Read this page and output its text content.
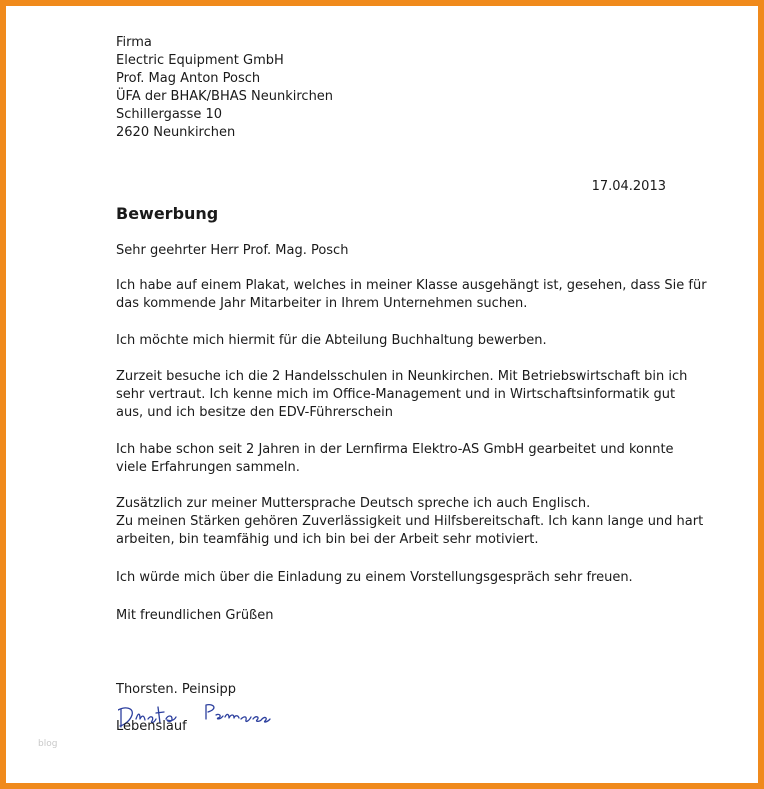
Firma
Electric Equipment GmbH
Prof. Mag Anton Posch
ÜFA der BHAK/BHAS Neunkirchen
Schillergasse 10
2620 Neunkirchen
17.04.2013
Bewerbung
Sehr geehrter Herr Prof. Mag. Posch
Ich habe auf einem Plakat, welches in meiner Klasse ausgehängt ist, gesehen, dass Sie für
das kommende Jahr Mitarbeiter in Ihrem Unternehmen suchen.
Ich möchte mich hiermit für die Abteilung Buchhaltung bewerben.
Zurzeit besuche ich die 2 Handelsschulen in Neunkirchen. Mit Betriebswirtschaft bin ich
sehr vertraut. Ich kenne mich im Office-Management und in Wirtschaftsinformatik gut
aus, und ich besitze den EDV-Führerschein
Ich habe schon seit 2 Jahren in der Lernfirma Elektro-AS GmbH gearbeitet und konnte
viele Erfahrungen sammeln.
Zusätzlich zur meiner Muttersprache Deutsch spreche ich auch Englisch.
Zu meinen Stärken gehören Zuverlässigkeit und Hilfsbereitschaft. Ich kann lange und hart
arbeiten, bin teamfähig und ich bin bei der Arbeit sehr motiviert.
Ich würde mich über die Einladung zu einem Vorstellungsgespräch sehr freuen.
Mit freundlichen Grüßen
Thorsten. Peinsipp
Lebenslauf
blog
